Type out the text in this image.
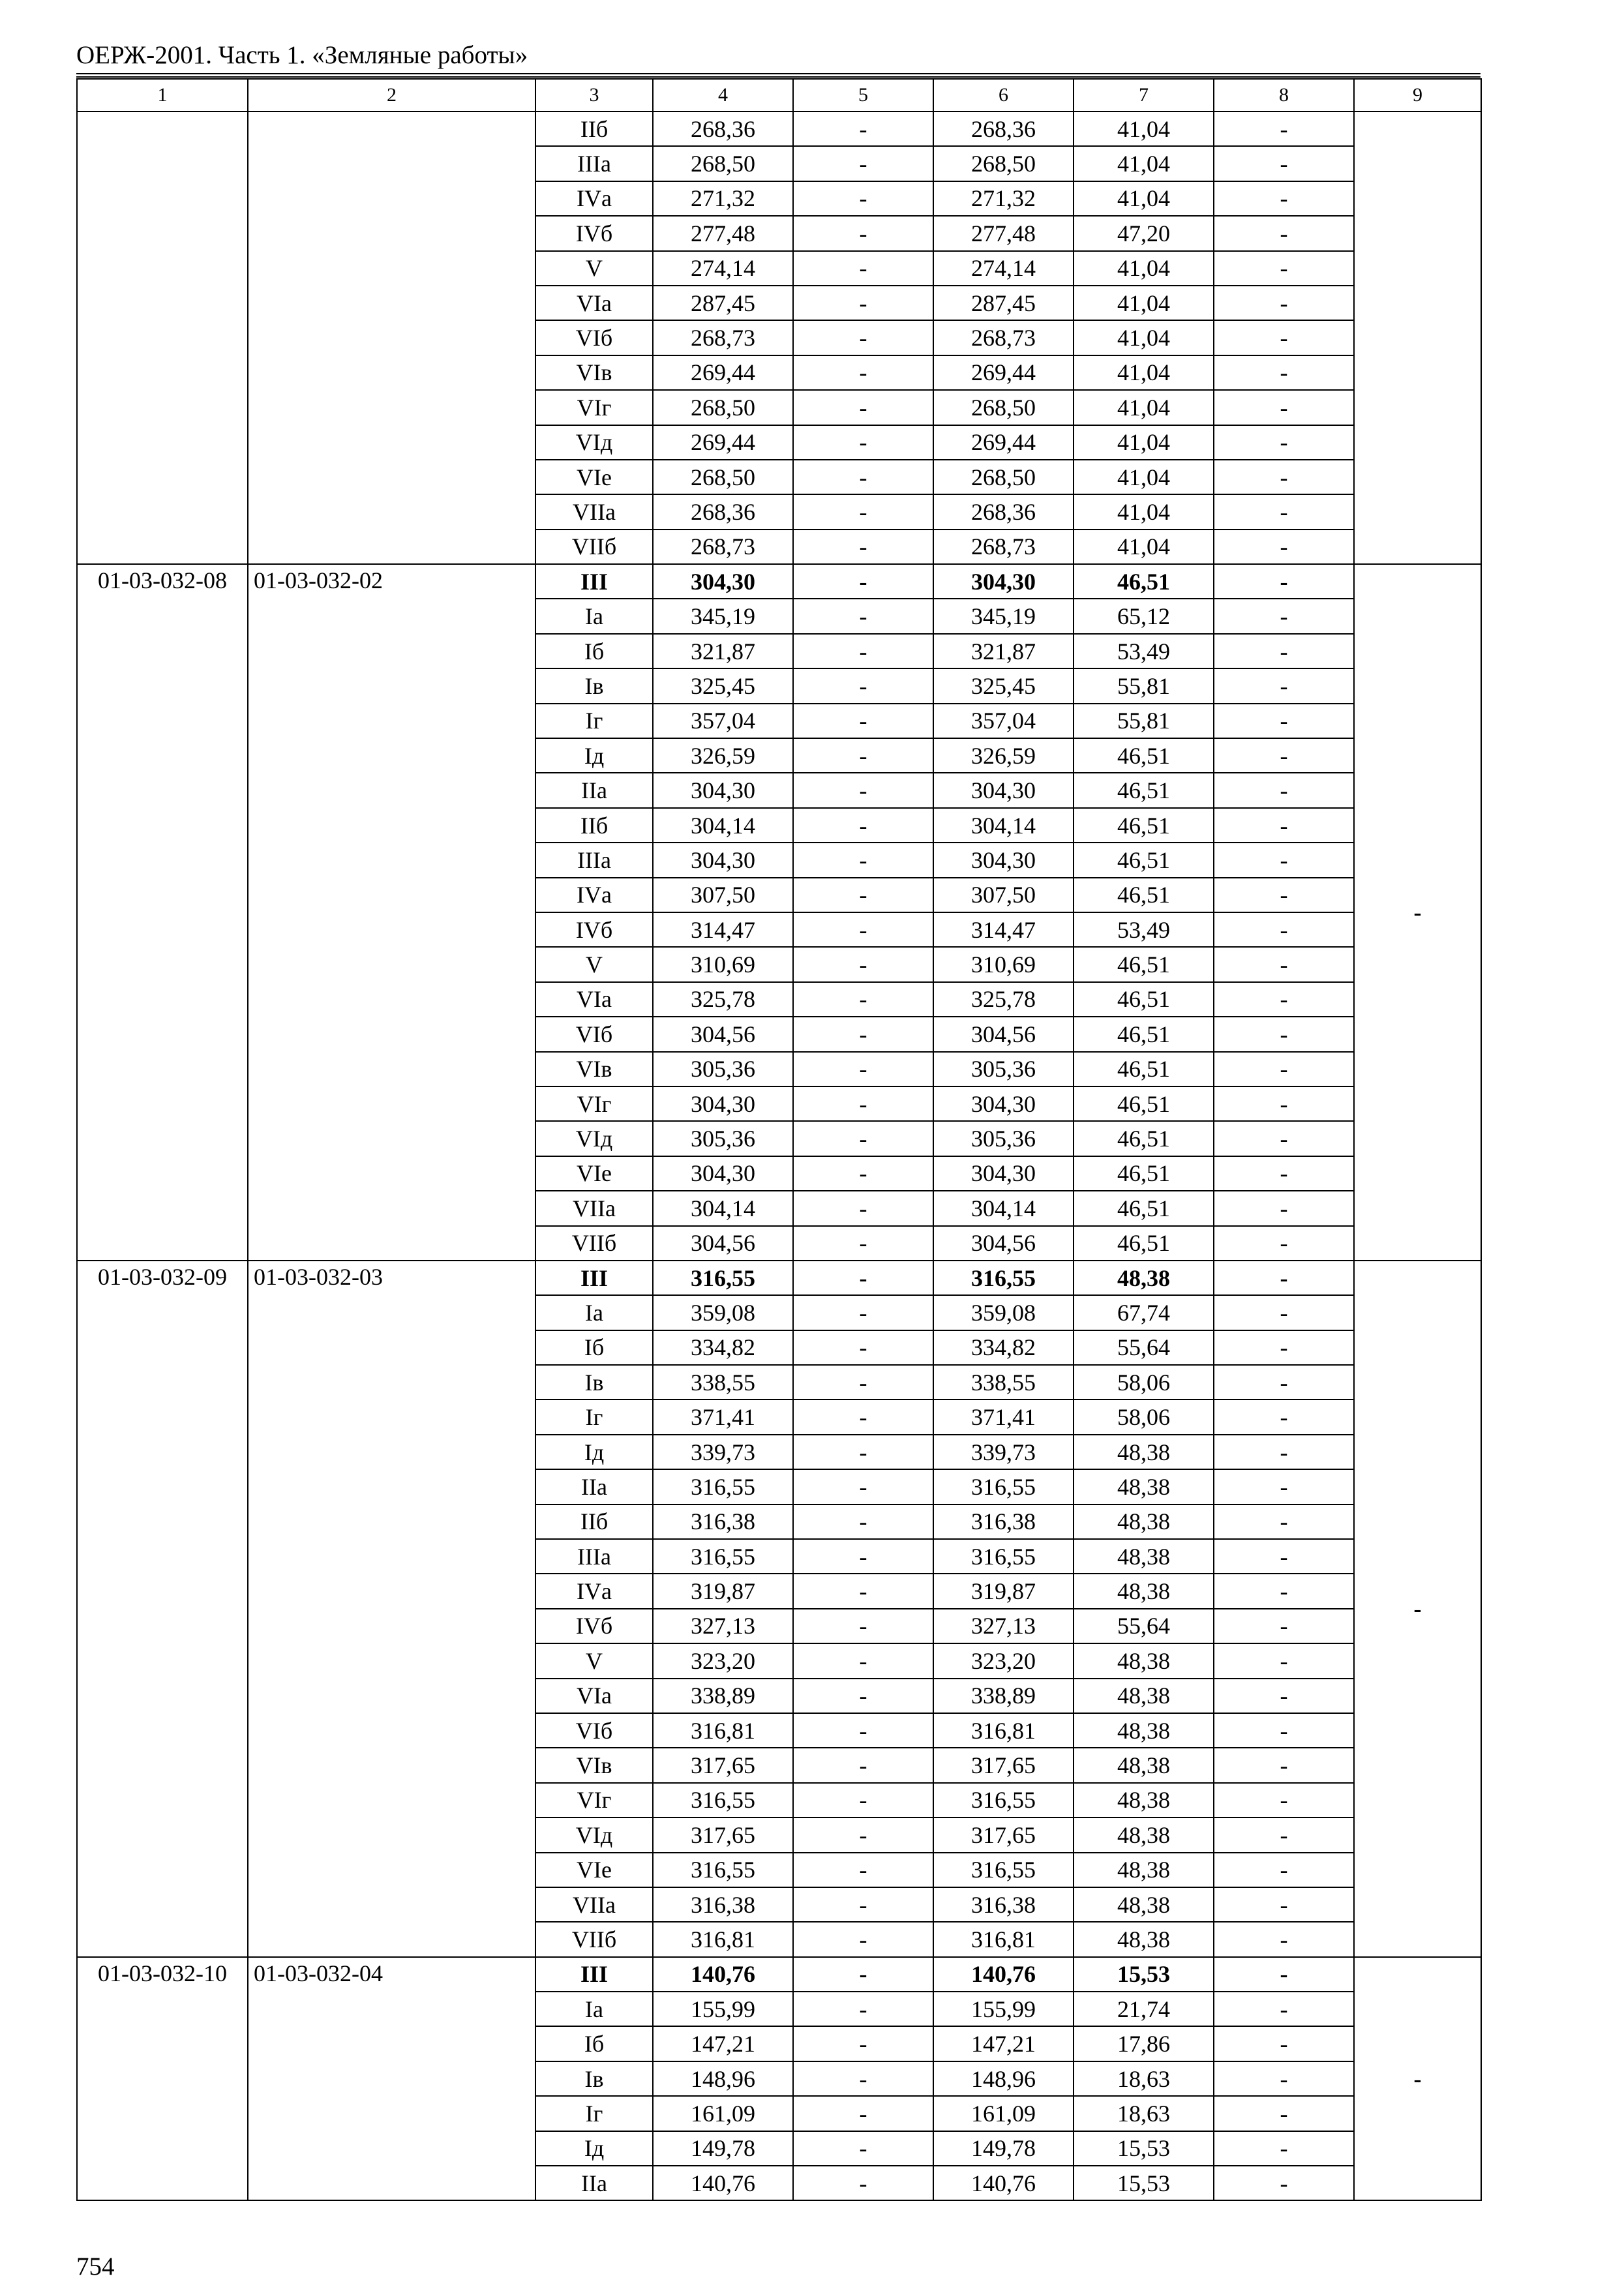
ОЕРЖ-2001. Часть 1. «Земляные работы»
1	2	3	4	5	6	7	8	9
		IIб	268,36	-	268,36	41,04	-	
		IIIа	268,50	-	268,50	41,04	-	
		IVа	271,32	-	271,32	41,04	-	
		IVб	277,48	-	277,48	47,20	-	
		V	274,14	-	274,14	41,04	-	
		VIа	287,45	-	287,45	41,04	-	
		VIб	268,73	-	268,73	41,04	-	
		VIв	269,44	-	269,44	41,04	-	
		VIг	268,50	-	268,50	41,04	-	
		VIд	269,44	-	269,44	41,04	-	
		VIе	268,50	-	268,50	41,04	-	
		VIIа	268,36	-	268,36	41,04	-	
		VIIб	268,73	-	268,73	41,04	-	
01-03-032-08	01-03-032-02	III	304,30	-	304,30	46,51	-	-
		Iа	345,19	-	345,19	65,12	-	
		Iб	321,87	-	321,87	53,49	-	
		Iв	325,45	-	325,45	55,81	-	
		Iг	357,04	-	357,04	55,81	-	
		Iд	326,59	-	326,59	46,51	-	
		IIа	304,30	-	304,30	46,51	-	
		IIб	304,14	-	304,14	46,51	-	
		IIIа	304,30	-	304,30	46,51	-	
		IVа	307,50	-	307,50	46,51	-	
		IVб	314,47	-	314,47	53,49	-	
		V	310,69	-	310,69	46,51	-	
		VIа	325,78	-	325,78	46,51	-	
		VIб	304,56	-	304,56	46,51	-	
		VIв	305,36	-	305,36	46,51	-	
		VIг	304,30	-	304,30	46,51	-	
		VIд	305,36	-	305,36	46,51	-	
		VIе	304,30	-	304,30	46,51	-	
		VIIа	304,14	-	304,14	46,51	-	
		VIIб	304,56	-	304,56	46,51	-	
01-03-032-09	01-03-032-03	III	316,55	-	316,55	48,38	-	-
		Iа	359,08	-	359,08	67,74	-	
		Iб	334,82	-	334,82	55,64	-	
		Iв	338,55	-	338,55	58,06	-	
		Iг	371,41	-	371,41	58,06	-	
		Iд	339,73	-	339,73	48,38	-	
		IIа	316,55	-	316,55	48,38	-	
		IIб	316,38	-	316,38	48,38	-	
		IIIа	316,55	-	316,55	48,38	-	
		IVа	319,87	-	319,87	48,38	-	
		IVб	327,13	-	327,13	55,64	-	
		V	323,20	-	323,20	48,38	-	
		VIа	338,89	-	338,89	48,38	-	
		VIб	316,81	-	316,81	48,38	-	
		VIв	317,65	-	317,65	48,38	-	
		VIг	316,55	-	316,55	48,38	-	
		VIд	317,65	-	317,65	48,38	-	
		VIе	316,55	-	316,55	48,38	-	
		VIIа	316,38	-	316,38	48,38	-	
		VIIб	316,81	-	316,81	48,38	-	
01-03-032-10	01-03-032-04	III	140,76	-	140,76	15,53	-	-
		Iа	155,99	-	155,99	21,74	-	
		Iб	147,21	-	147,21	17,86	-	
		Iв	148,96	-	148,96	18,63	-	
		Iг	161,09	-	161,09	18,63	-	
		Iд	149,78	-	149,78	15,53	-	
		IIа	140,76	-	140,76	15,53	-	
754
